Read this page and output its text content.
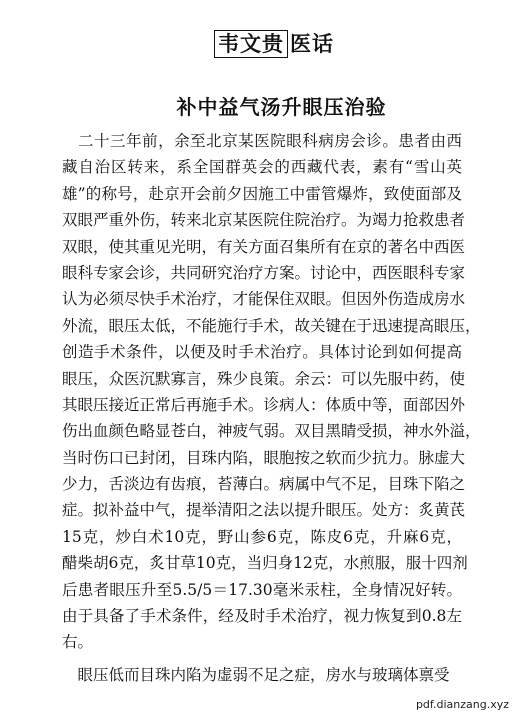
韦文贵 医话
补中益气汤升眼压治验
　二十三年前，余至北京某医院眼科病房会诊。患者由西
藏自治区转来，系全国群英会的西藏代表，素有“雪山英
雄”的称号，赴京开会前夕因施工中雷管爆炸，致使面部及
双眼严重外伤，转来北京某医院住院治疗。为竭力抢救患者
双眼，使其重见光明，有关方面召集所有在京的著名中西医
眼科专家会诊，共同研究治疗方案。讨论中，西医眼科专家
认为必须尽快手术治疗，才能保住双眼。但因外伤造成房水
外流，眼压太低，不能施行手术，故关键在于迅速提高眼压，
创造手术条件，以便及时手术治疗。具体讨论到如何提高
眼压，众医沉默寡言，殊少良策。余云：可以先服中药，使
其眼压接近正常后再施手术。诊病人：体质中等，面部因外
伤出血颜色略显苍白，神疲气弱。双目黑睛受损，神水外溢，
当时伤口已封闭，目珠内陷，眼胞按之软而少抗力。脉虚大
少力，舌淡边有齿痕，苔薄白。病属中气不足，目珠下陷之
症。拟补益中气，提举清阳之法以提升眼压。处方：炙黄芪
15克，炒白术10克，野山参6克，陈皮6克，升麻6克，
醋柴胡6克，炙甘草10克，当归身12克，水煎服，服十四剂
后患者眼压升至5.5/5＝17.30毫米汞柱，全身情况好转。
由于具备了手术条件，经及时手术治疗，视力恢复到0.8左
右。
　眼压低而目珠内陷为虚弱不足之症，房水与玻璃体禀受
pdf.dianzang.xyz
